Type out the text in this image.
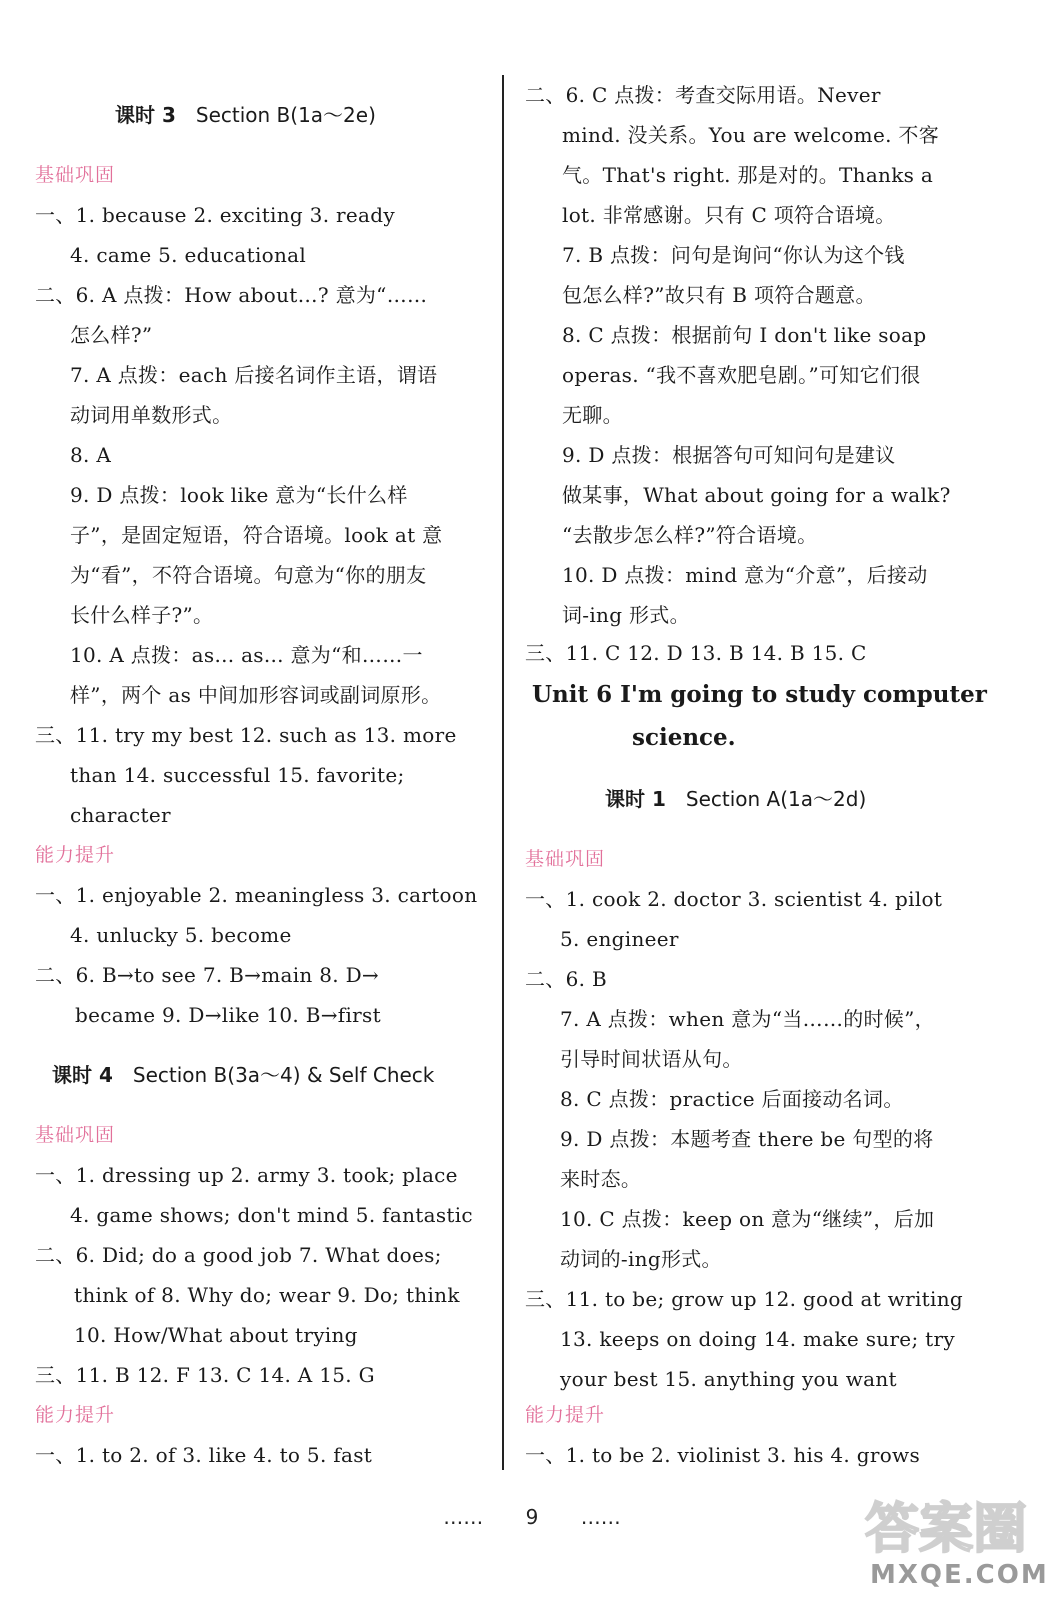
课时 3 Section B(1a～2e)
基础巩固
一、1. because 2. exciting 3. ready
4. came 5. educational
二、6. A 点拨：How about…? 意为“……
怎么样?”
7. A 点拨：each 后接名词作主语，谓语
动词用单数形式。
8. A
9. D 点拨：look like 意为“长什么样
子”，是固定短语，符合语境。look at 意
为“看”，不符合语境。句意为“你的朋友
长什么样子?”。
10. A 点拨：as... as... 意为“和……一
样”，两个 as 中间加形容词或副词原形。
三、11. try my best 12. such as 13. more
than 14. successful 15. favorite;
character
能力提升
一、1. enjoyable 2. meaningless 3. cartoon
4. unlucky 5. become
二、6. B→to see 7. B→main 8. D→
became 9. D→like 10. B→first
课时 4 Section B(3a～4) & Self Check
基础巩固
一、1. dressing up 2. army 3. took; place
4. game shows; don't mind 5. fantastic
二、6. Did; do a good job 7. What does;
think of 8. Why do; wear 9. Do; think
10. How/What about trying
三、11. B 12. F 13. C 14. A 15. G
能力提升
一、1. to 2. of 3. like 4. to 5. fast
二、6. C 点拨：考查交际用语。Never
mind. 没关系。You are welcome. 不客
气。That's right. 那是对的。Thanks a
lot. 非常感谢。只有 C 项符合语境。
7. B 点拨：问句是询问“你认为这个钱
包怎么样?”故只有 B 项符合题意。
8. C 点拨：根据前句 I don't like soap
operas. “我不喜欢肥皂剧。”可知它们很
无聊。
9. D 点拨：根据答句可知问句是建议
做某事，What about going for a walk?
“去散步怎么样?”符合语境。
10. D 点拨：mind 意为“介意”，后接动
词-ing 形式。
三、11. C 12. D 13. B 14. B 15. C
Unit 6 I'm going to study computer
science.
课时 1 Section A(1a～2d)
基础巩固
一、1. cook 2. doctor 3. scientist 4. pilot
5. engineer
二、6. B
7. A 点拨：when 意为“当……的时候”，
引导时间状语从句。
8. C 点拨：practice 后面接动名词。
9. D 点拨：本题考查 there be 句型的将
来时态。
10. C 点拨：keep on 意为“继续”，后加
动词的-ing形式。
三、11. to be; grow up 12. good at writing
13. keeps on doing 14. make sure; try
your best 15. anything you want
能力提升
一、1. to be 2. violinist 3. his 4. grows
…… 9 ……	答案圈
MXQE.COM
